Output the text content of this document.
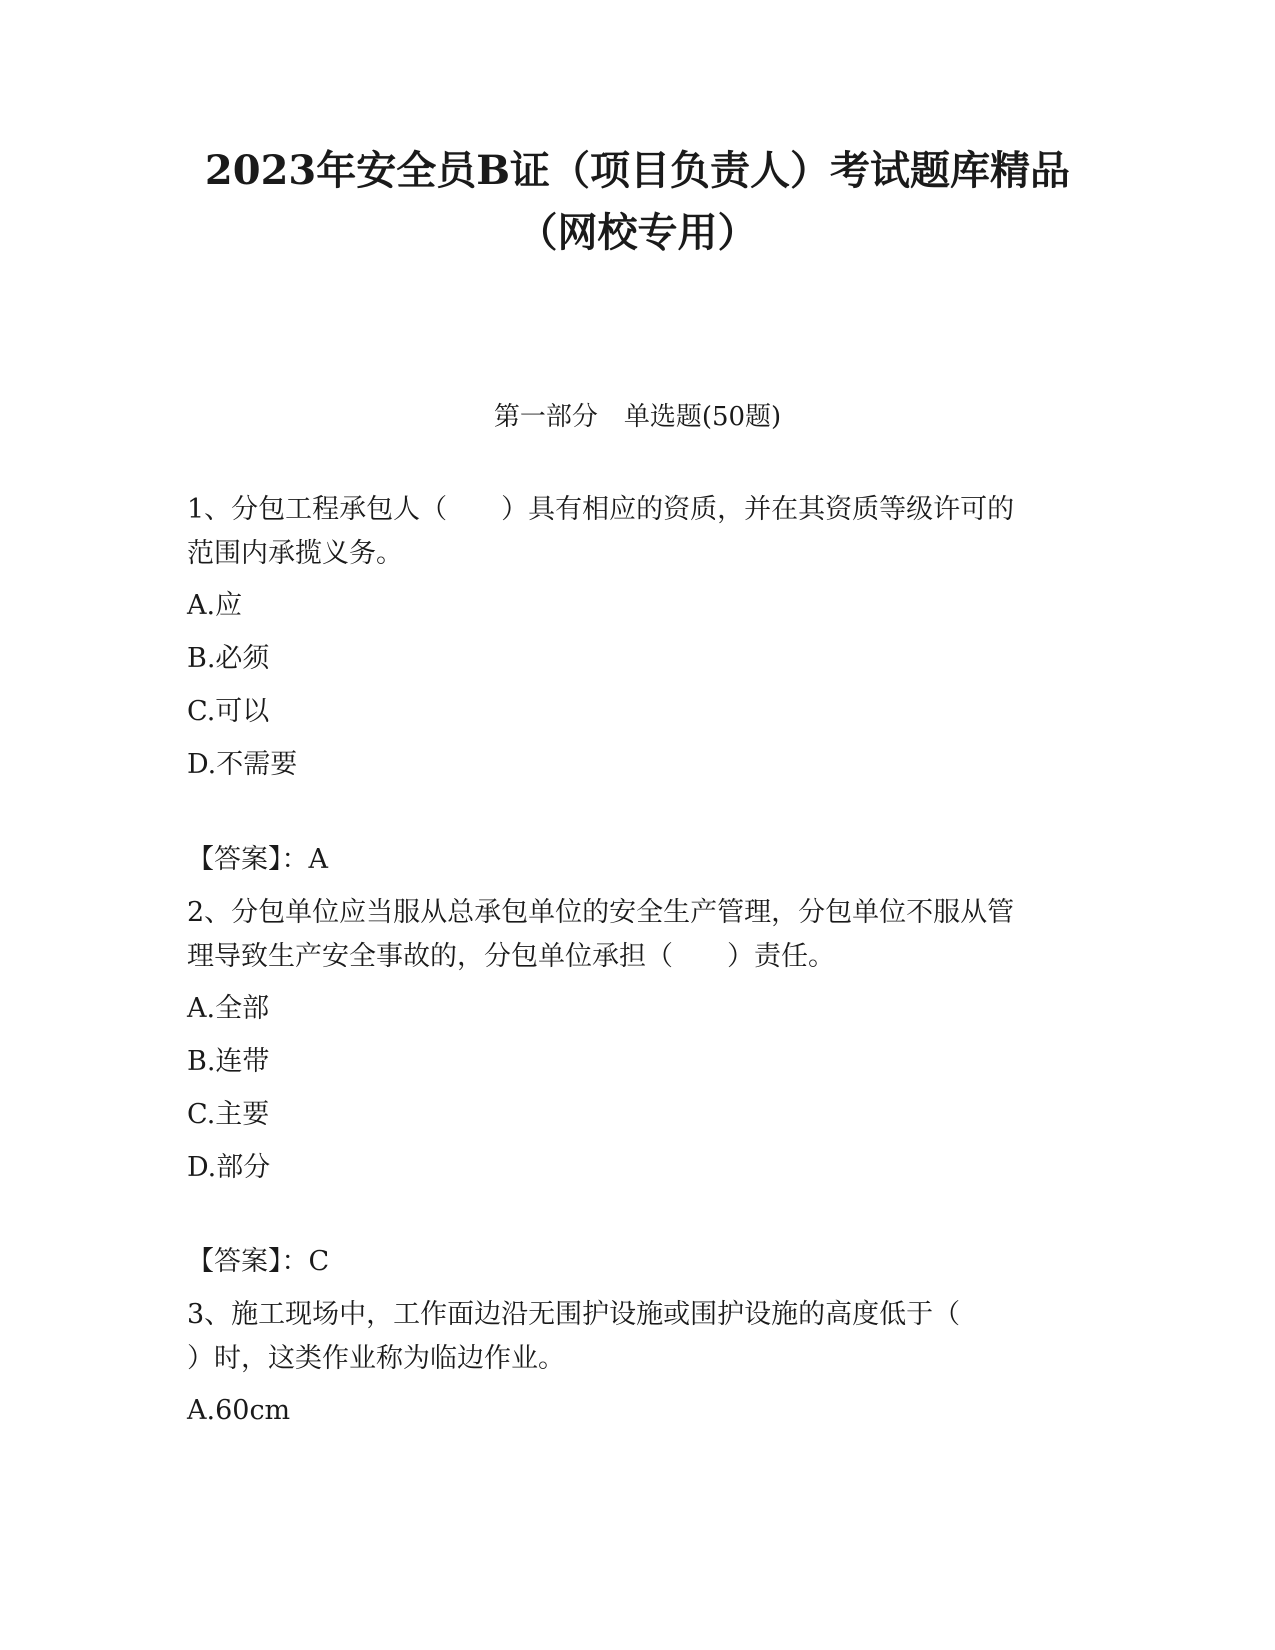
2023年安全员B证（项目负责人）考试题库精品
（网校专用）
第一部分　单选题(50题)
1、分包工程承包人（　　）具有相应的资质，并在其资质等级许可的
范围内承揽义务。
A.应
B.必须
C.可以
D.不需要
【答案】：A
2、分包单位应当服从总承包单位的安全生产管理，分包单位不服从管
理导致生产安全事故的，分包单位承担（　　）责任。
A.全部
B.连带
C.主要
D.部分
【答案】：C
3、施工现场中，工作面边沿无围护设施或围护设施的高度低于（
）时，这类作业称为临边作业。
A.60cm
